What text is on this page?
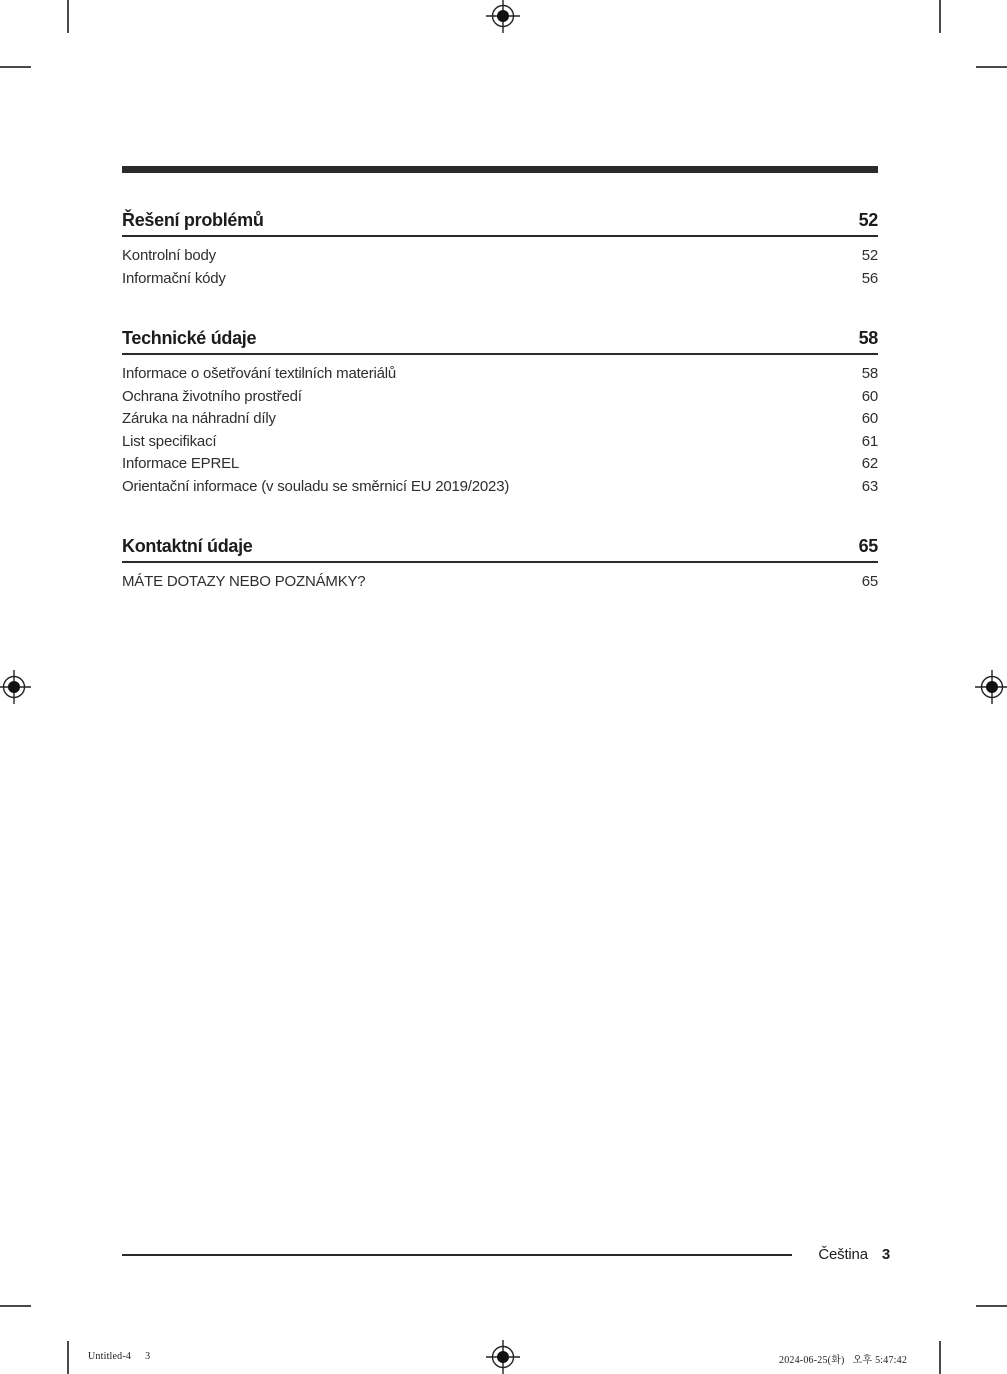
Řešení problémů	52
Kontrolní body	52
Informační kódy	56
Technické údaje	58
Informace o ošetřování textilních materiálů	58
Ochrana životního prostředí	60
Záruka na náhradní díly	60
List specifikací	61
Informace EPREL	62
Orientační informace (v souladu se směrnicí EU 2019/2023)	63
Kontaktní údaje	65
MÁTE DOTAZY NEBO POZNÁMKY?	65
Čeština 3
Untitled-4 3	2024-06-25(화)   오후 5:47:42
